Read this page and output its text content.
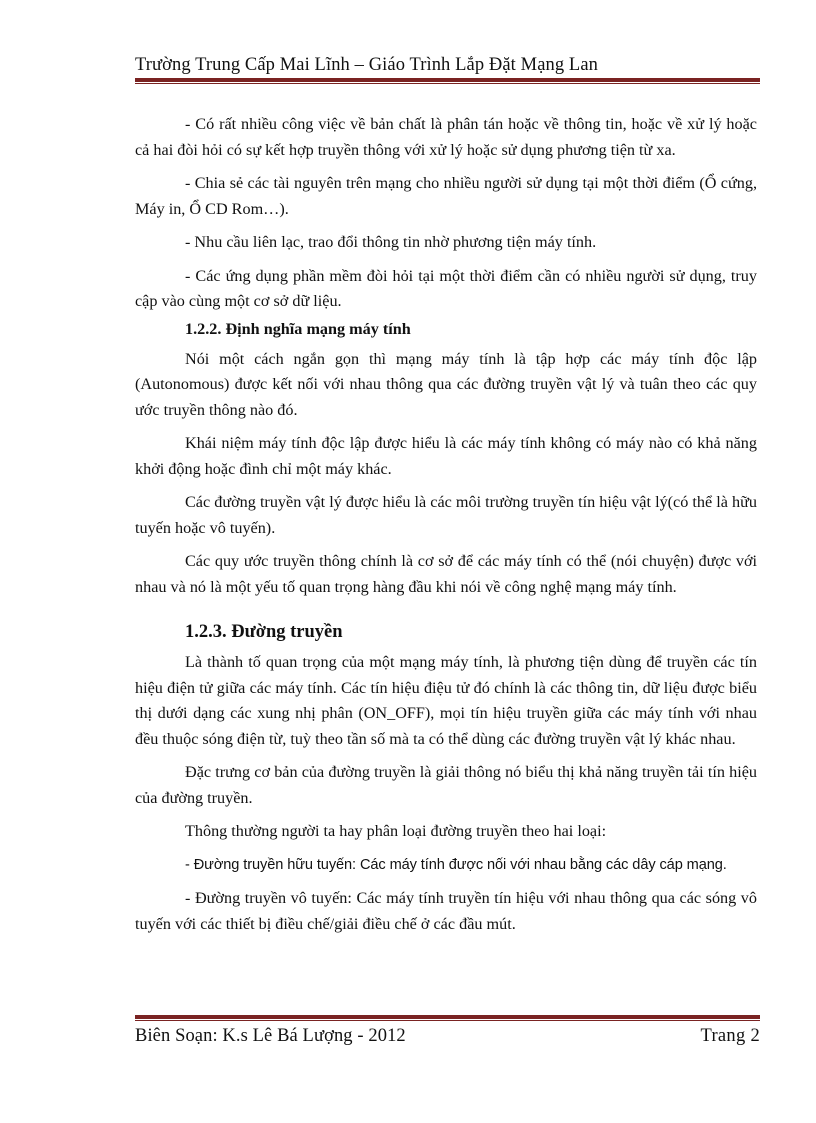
Trường Trung Cấp Mai Lĩnh – Giáo Trình Lắp Đặt Mạng Lan

- Có rất nhiều công việc về bản chất là phân tán hoặc về thông tin, hoặc về xử lý hoặc cả hai đòi hỏi có sự kết hợp truyền thông với xử lý hoặc sử dụng phương tiện từ xa.

- Chia sẻ các tài nguyên trên mạng cho nhiều người sử dụng tại một thời điểm (Ổ cứng, Máy in, Ổ CD Rom…).

- Nhu cầu liên lạc, trao đổi thông tin nhờ phương tiện máy tính.

- Các ứng dụng phần mềm đòi hỏi tại một thời điểm cần có nhiều người sử dụng, truy cập vào cùng một cơ sở dữ liệu.

1.2.2. Định nghĩa mạng máy tính

Nói một cách ngắn gọn thì mạng máy tính là tập hợp các máy tính độc lập (Autonomous) được kết nối với nhau thông qua các đường truyền vật lý và tuân theo các quy ước truyền thông nào đó.

Khái niệm máy tính độc lập được hiểu là các máy tính không có máy nào có khả năng khởi động hoặc đình chỉ một máy khác.

Các đường truyền vật lý được hiểu là các môi trường truyền tín hiệu vật lý(có thể là hữu tuyến hoặc vô tuyến).

Các quy ước truyền thông chính là cơ sở để các máy tính có thể (nói chuyện) được với nhau và nó là một yếu tố quan trọng hàng đầu khi nói về công nghệ mạng máy tính.

1.2.3. Đường truyền

Là thành tố quan trọng của một mạng máy tính, là phương tiện dùng để truyền các tín hiệu điện tử giữa các máy tính. Các tín hiệu điệu tử đó chính là các thông tin, dữ liệu được biểu thị dưới dạng các xung nhị phân (ON_OFF), mọi tín hiệu truyền giữa các máy tính với nhau đều thuộc sóng điện từ, tuỳ theo tần số mà ta có thể dùng các đường truyền vật lý khác nhau.

Đặc trưng cơ bản của đường truyền là giải thông nó biểu thị khả năng truyền tải tín hiệu của đường truyền.

Thông thường người ta hay phân loại đường truyền theo hai loại:

- Đường truyền hữu tuyến: Các máy tính được nối với nhau bằng các dây cáp mạng.

- Đường truyền vô tuyến: Các máy tính truyền tín hiệu với nhau thông qua các sóng vô tuyến với các thiết bị điều chế/giải điều chế ở các đầu mút.

Biên Soạn: K.s Lê Bá Lượng - 2012	Trang 2
